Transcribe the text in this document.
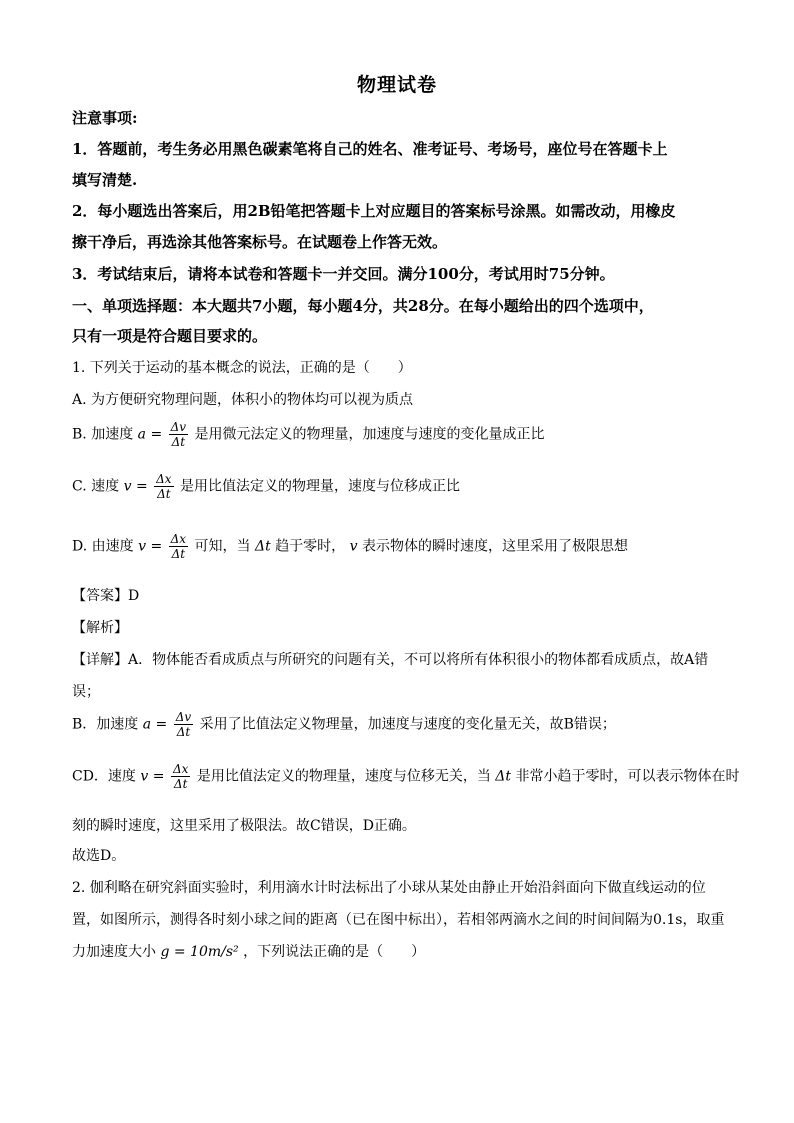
物理试卷
注意事项:
1．答题前，考生务必用黑色碳素笔将自己的姓名、准考证号、考场号，座位号在答题卡上
填写清楚.
2．每小题选出答案后，用2B铅笔把答题卡上对应题目的答案标号涂黑。如需改动，用橡皮
擦干净后，再选涂其他答案标号。在试题卷上作答无效。
3．考试结束后，请将本试卷和答题卡一并交回。满分100分，考试用时75分钟。
一、单项选择题：本大题共7小题，每小题4分，共28分。在每小题给出的四个选项中，
只有一项是符合题目要求的。
1. 下列关于运动的基本概念的说法，正确的是（　　）
A. 为方便研究物理问题，体积小的物体均可以视为质点
B. 加速度 $a = \frac{\Delta v}{\Delta t}$ 是用微元法定义的物理量，加速度与速度的变化量成正比
C. 速度 $v = \frac{\Delta x}{\Delta t}$ 是用比值法定义的物理量，速度与位移成正比
D. 由速度 $v = \frac{\Delta x}{\Delta t}$ 可知，当 Δt 趋于零时， v 表示物体的瞬时速度，这里采用了极限思想
【答案】D
【解析】
【详解】A．物体能否看成质点与所研究的问题有关，不可以将所有体积很小的物体都看成质点，故A错
误；
B．加速度 $a = \frac{\Delta v}{\Delta t}$ 采用了比值法定义物理量，加速度与速度的变化量无关，故B错误；
CD．速度 $v = \frac{\Delta x}{\Delta t}$ 是用比值法定义的物理量，速度与位移无关，当 Δt 非常小趋于零时，可以表示物体在时
刻的瞬时速度，这里采用了极限法。故C错误，D正确。
故选D。
2. 伽利略在研究斜面实验时，利用滴水计时法标出了小球从某处由静止开始沿斜面向下做直线运动的位
置，如图所示，测得各时刻小球之间的距离（已在图中标出），若相邻两滴水之间的时间间隔为0.1s，取重
力加速度大小 g = 10m/s² ，下列说法正确的是（　　）
